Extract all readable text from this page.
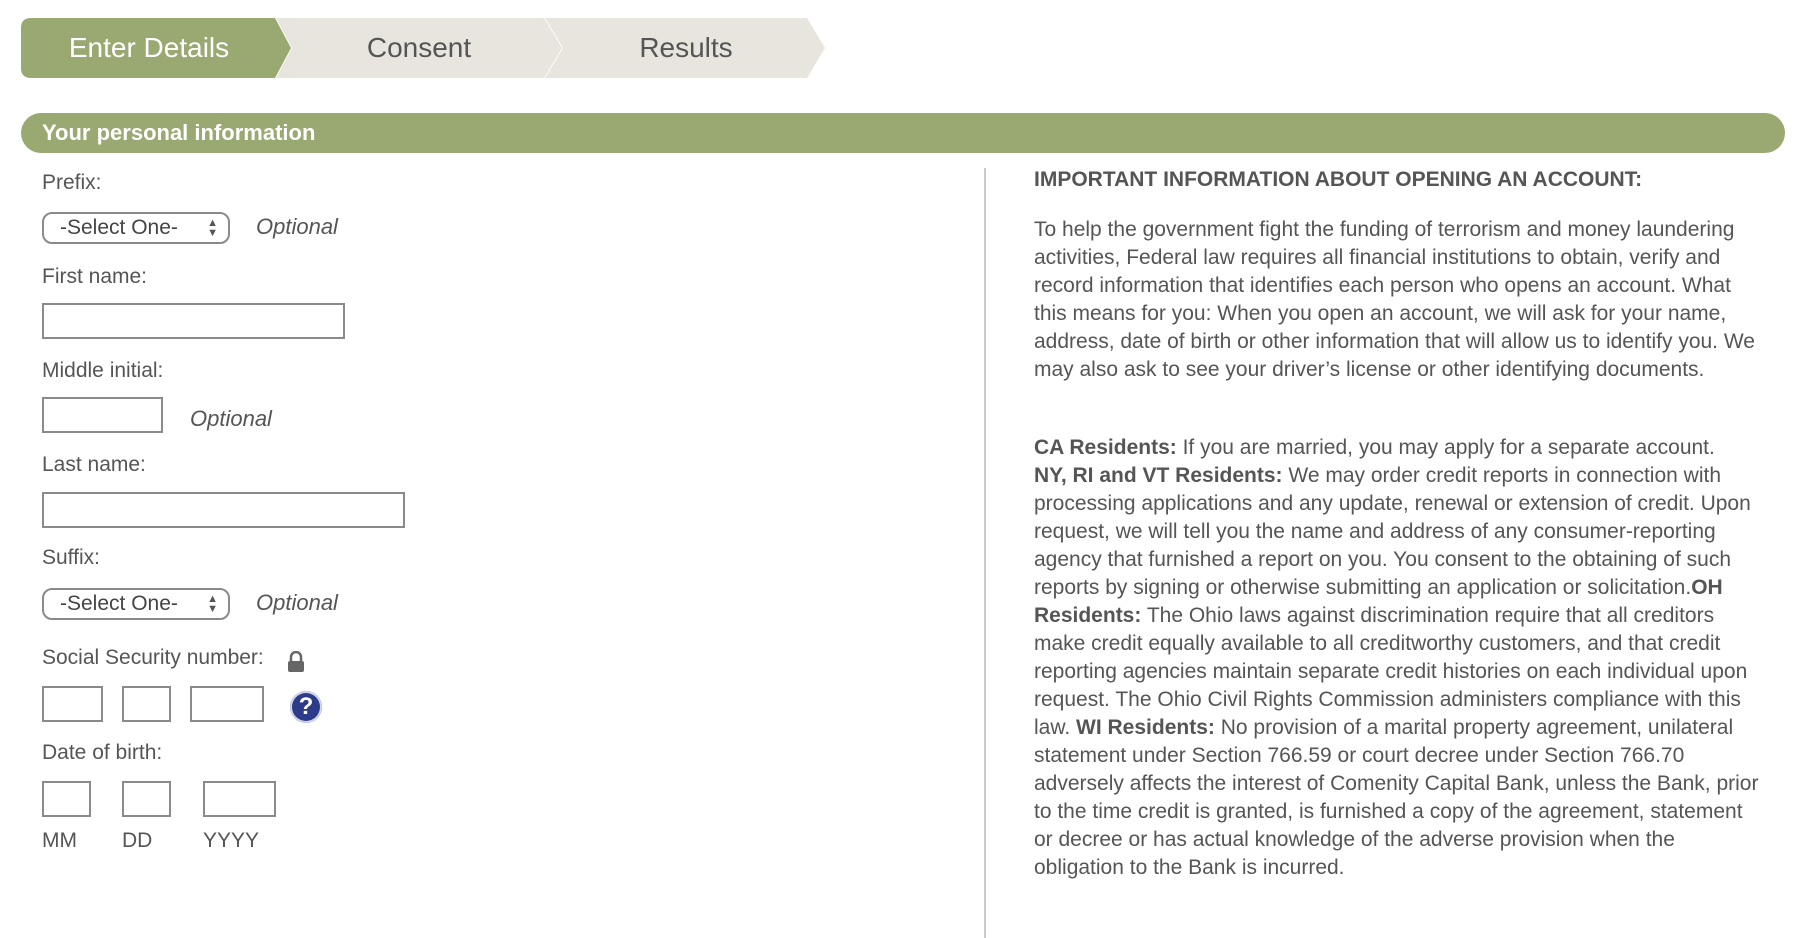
Enter Details	Consent	Results
Your personal information
Prefix:
-Select One-	▲
▼ Optional
First name:
Middle initial:
Optional
Last name:
Suffix:
-Select One-	▲
▼ Optional
Social Security number:
?
Date of birth:
MM DD YYYY
IMPORTANT INFORMATION ABOUT OPENING AN ACCOUNT:

To help the government fight the funding of terrorism and money laundering activities, Federal law requires all financial institutions to obtain, verify and record information that identifies each person who opens an account. What this means for you: When you open an account, we will ask for your name, address, date of birth or other information that will allow us to identify you. We may also ask to see your driver’s license or other identifying documents.

CA Residents: If you are married, you may apply for a separate account.
NY, RI and VT Residents: We may order credit reports in connection with processing applications and any update, renewal or extension of credit. Upon request, we will tell you the name and address of any consumer-reporting agency that furnished a report on you. You consent to the obtaining of such reports by signing or otherwise submitting an application or solicitation.OH Residents: The Ohio laws against discrimination require that all creditors make credit equally available to all creditworthy customers, and that credit reporting agencies maintain separate credit histories on each individual upon request. The Ohio Civil Rights Commission administers compliance with this law. WI Residents: No provision of a marital property agreement, unilateral statement under Section 766.59 or court decree under Section 766.70 adversely affects the interest of Comenity Capital Bank, unless the Bank, prior to the time credit is granted, is furnished a copy of the agreement, statement or decree or has actual knowledge of the adverse provision when the obligation to the Bank is incurred.
